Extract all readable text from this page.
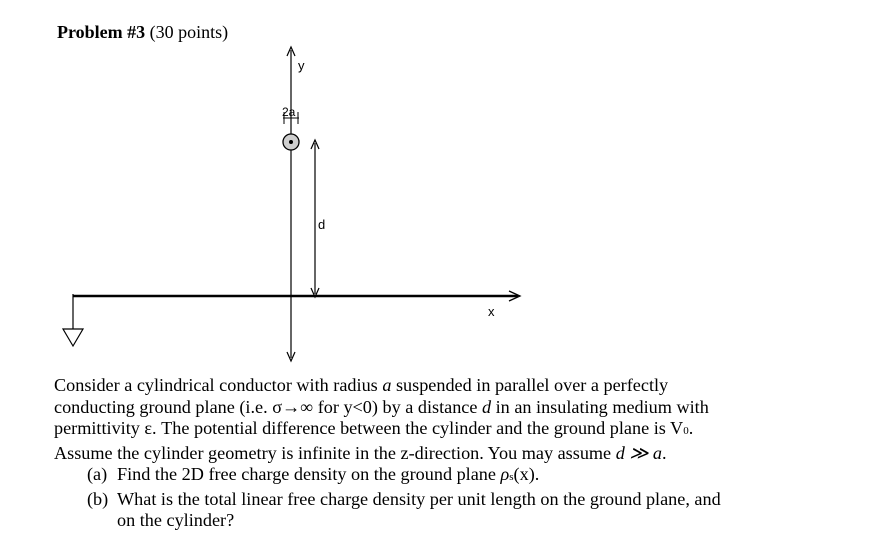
Problem #3 (30 points)
y
2a
d
x
Consider a cylindrical conductor with radius a suspended in parallel over a perfectly
conducting ground plane (i.e. σ→∞ for y<0) by a distance d in an insulating medium with
permittivity ε. The potential difference between the cylinder and the ground plane is V0.
Assume the cylinder geometry is infinite in the z-direction. You may assume d ≫ a.
(a) Find the 2D free charge density on the ground plane ρs(x).
(b) What is the total linear free charge density per unit length on the ground plane, and
on the cylinder?
